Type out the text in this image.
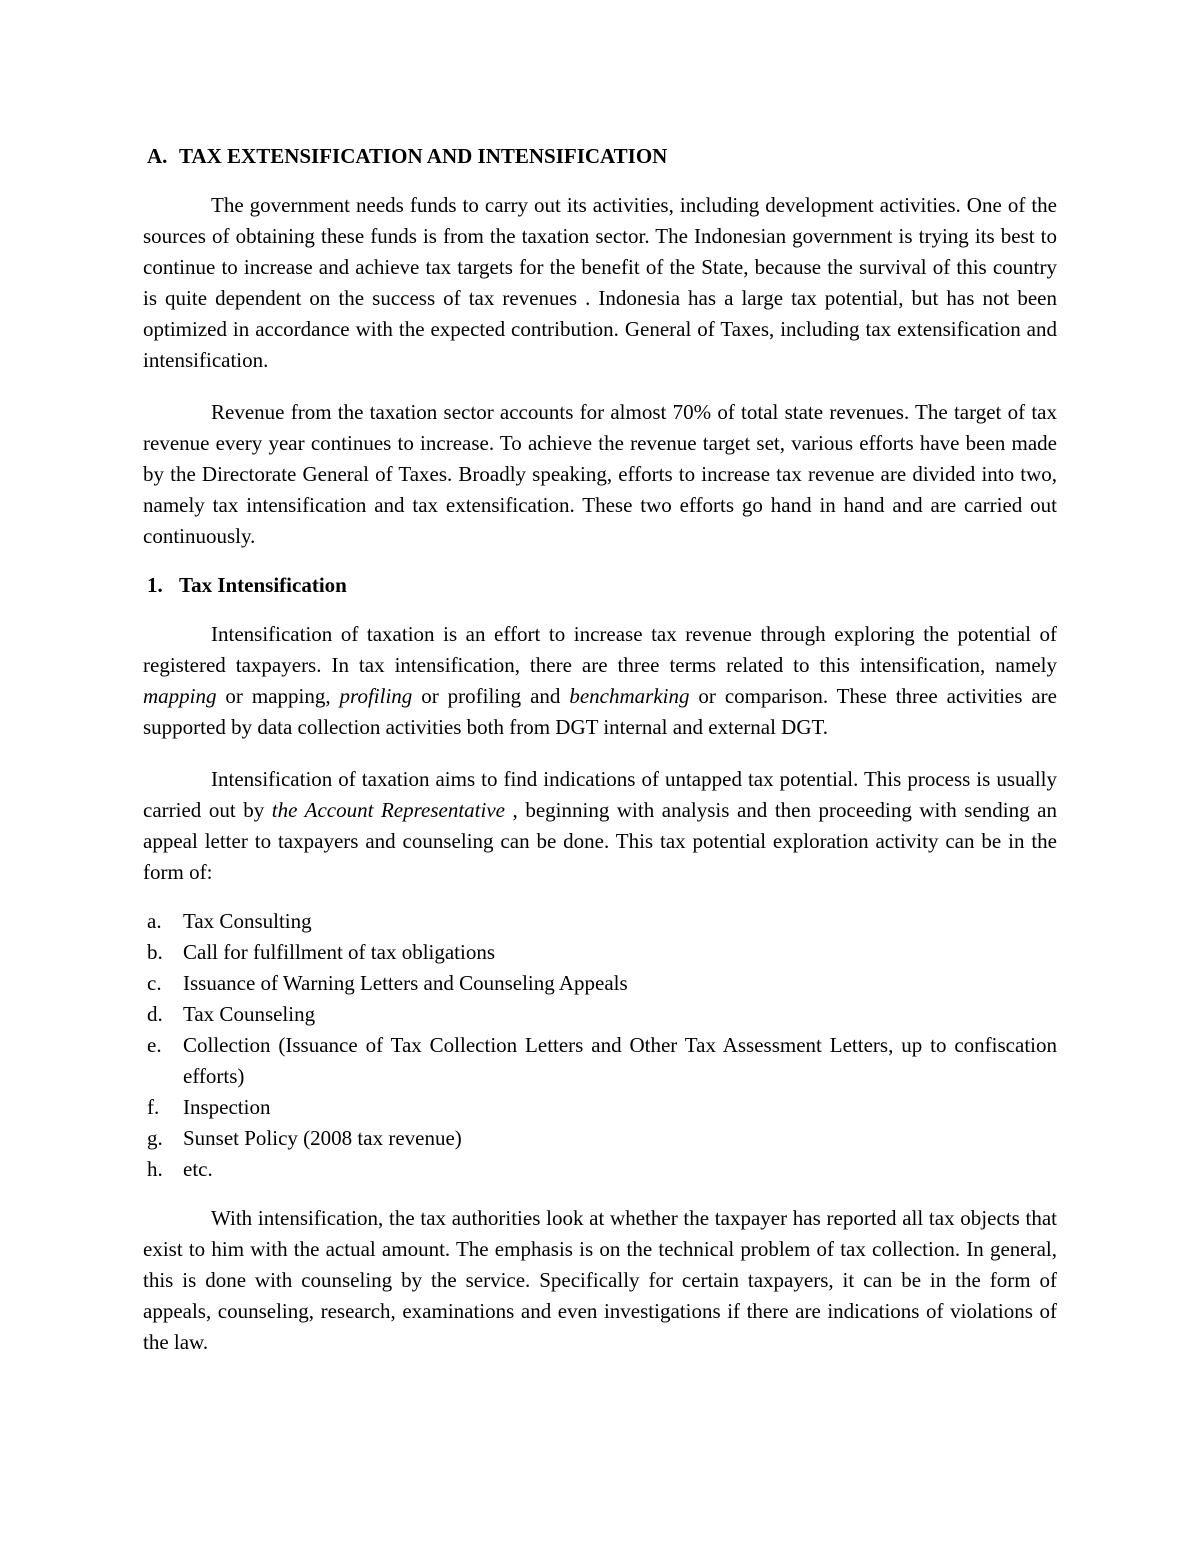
A. TAX EXTENSIFICATION AND INTENSIFICATION

The government needs funds to carry out its activities, including development activities. One of the sources of obtaining these funds is from the taxation sector. The Indonesian government is trying its best to continue to increase and achieve tax targets for the benefit of the State, because the survival of this country is quite dependent on the success of tax revenues . Indonesia has a large tax potential, but has not been optimized in accordance with the expected contribution. General of Taxes, including tax extensification and intensification.

Revenue from the taxation sector accounts for almost 70% of total state revenues. The target of tax revenue every year continues to increase. To achieve the revenue target set, various efforts have been made by the Directorate General of Taxes. Broadly speaking, efforts to increase tax revenue are divided into two, namely tax intensification and tax extensification. These two efforts go hand in hand and are carried out continuously.

1. Tax Intensification

Intensification of taxation is an effort to increase tax revenue through exploring the potential of registered taxpayers. In tax intensification, there are three terms related to this intensification, namely mapping or mapping, profiling or profiling and benchmarking or comparison. These three activities are supported by data collection activities both from DGT internal and external DGT.

Intensification of taxation aims to find indications of untapped tax potential. This process is usually carried out by the Account Representative , beginning with analysis and then proceeding with sending an appeal letter to taxpayers and counseling can be done. This tax potential exploration activity can be in the form of:

a. Tax Consulting
b. Call for fulfillment of tax obligations
c. Issuance of Warning Letters and Counseling Appeals
d. Tax Counseling
e. Collection (Issuance of Tax Collection Letters and Other Tax Assessment Letters, up to confiscation efforts)
f. Inspection
g. Sunset Policy (2008 tax revenue)
h. etc.

With intensification, the tax authorities look at whether the taxpayer has reported all tax objects that exist to him with the actual amount. The emphasis is on the technical problem of tax collection. In general, this is done with counseling by the service. Specifically for certain taxpayers, it can be in the form of appeals, counseling, research, examinations and even investigations if there are indications of violations of the law.
